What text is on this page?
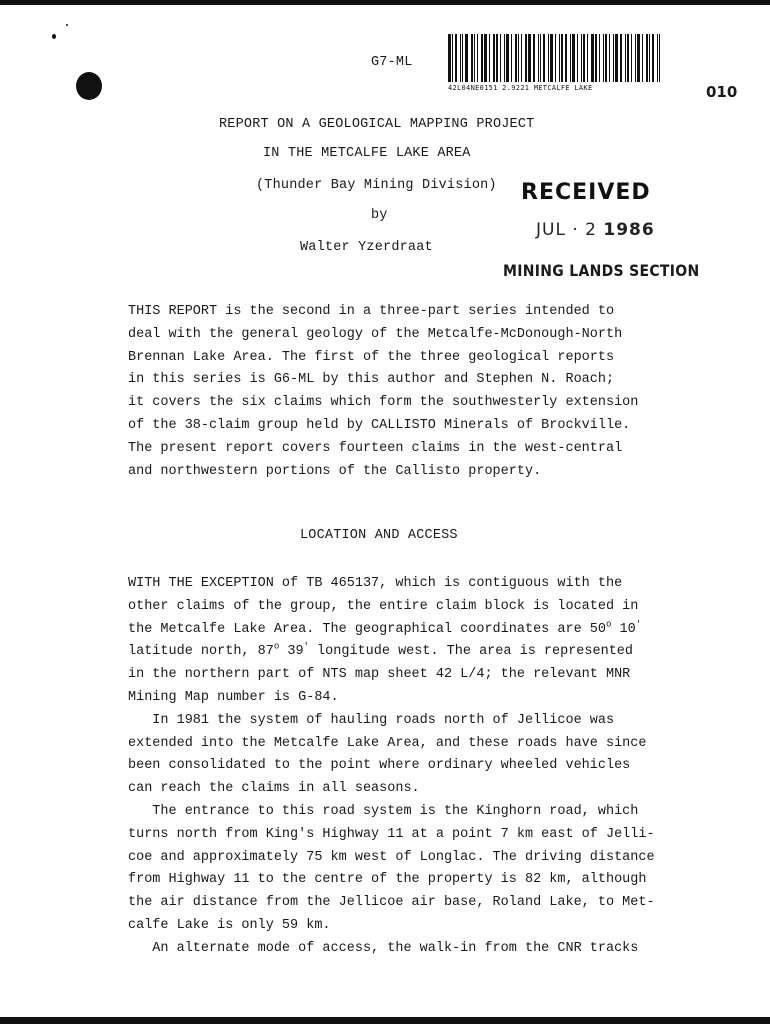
G7-ML
42L04NE0151 2.9221 METCALFE LAKE	010
REPORT ON A GEOLOGICAL MAPPING PROJECT
IN THE METCALFE LAKE AREA
(Thunder Bay Mining Division)
by
Walter Yzerdraat
RECEIVED
JUL · 2 1986
MINING LANDS SECTION
THIS REPORT is the second in a three-part series intended to
deal with the general geology of the Metcalfe-McDonough-North
Brennan Lake Area. The first of the three geological reports
in this series is G6-ML by this author and Stephen N. Roach;
it covers the six claims which form the southwesterly extension
of the 38-claim group held by CALLISTO Minerals of Brockville.
The present report covers fourteen claims in the west-central
and northwestern portions of the Callisto property.
LOCATION AND ACCESS
WITH THE EXCEPTION of TB 465137, which is contiguous with the
other claims of the group, the entire claim block is located in
the Metcalfe Lake Area. The geographical coordinates are 50$^o$ 10'
latitude north, 87$^o$ 39' longitude west. The area is represented
in the northern part of NTS map sheet 42 L/4; the relevant MNR
Mining Map number is G-84.
In 1981 the system of hauling roads north of Jellicoe was
extended into the Metcalfe Lake Area, and these roads have since
been consolidated to the point where ordinary wheeled vehicles
can reach the claims in all seasons.
The entrance to this road system is the Kinghorn road, which
turns north from King's Highway 11 at a point 7 km east of Jelli-
coe and approximately 75 km west of Longlac. The driving distance
from Highway 11 to the centre of the property is 82 km, although
the air distance from the Jellicoe air base, Roland Lake, to Met-
calfe Lake is only 59 km.
An alternate mode of access, the walk-in from the CNR tracks
